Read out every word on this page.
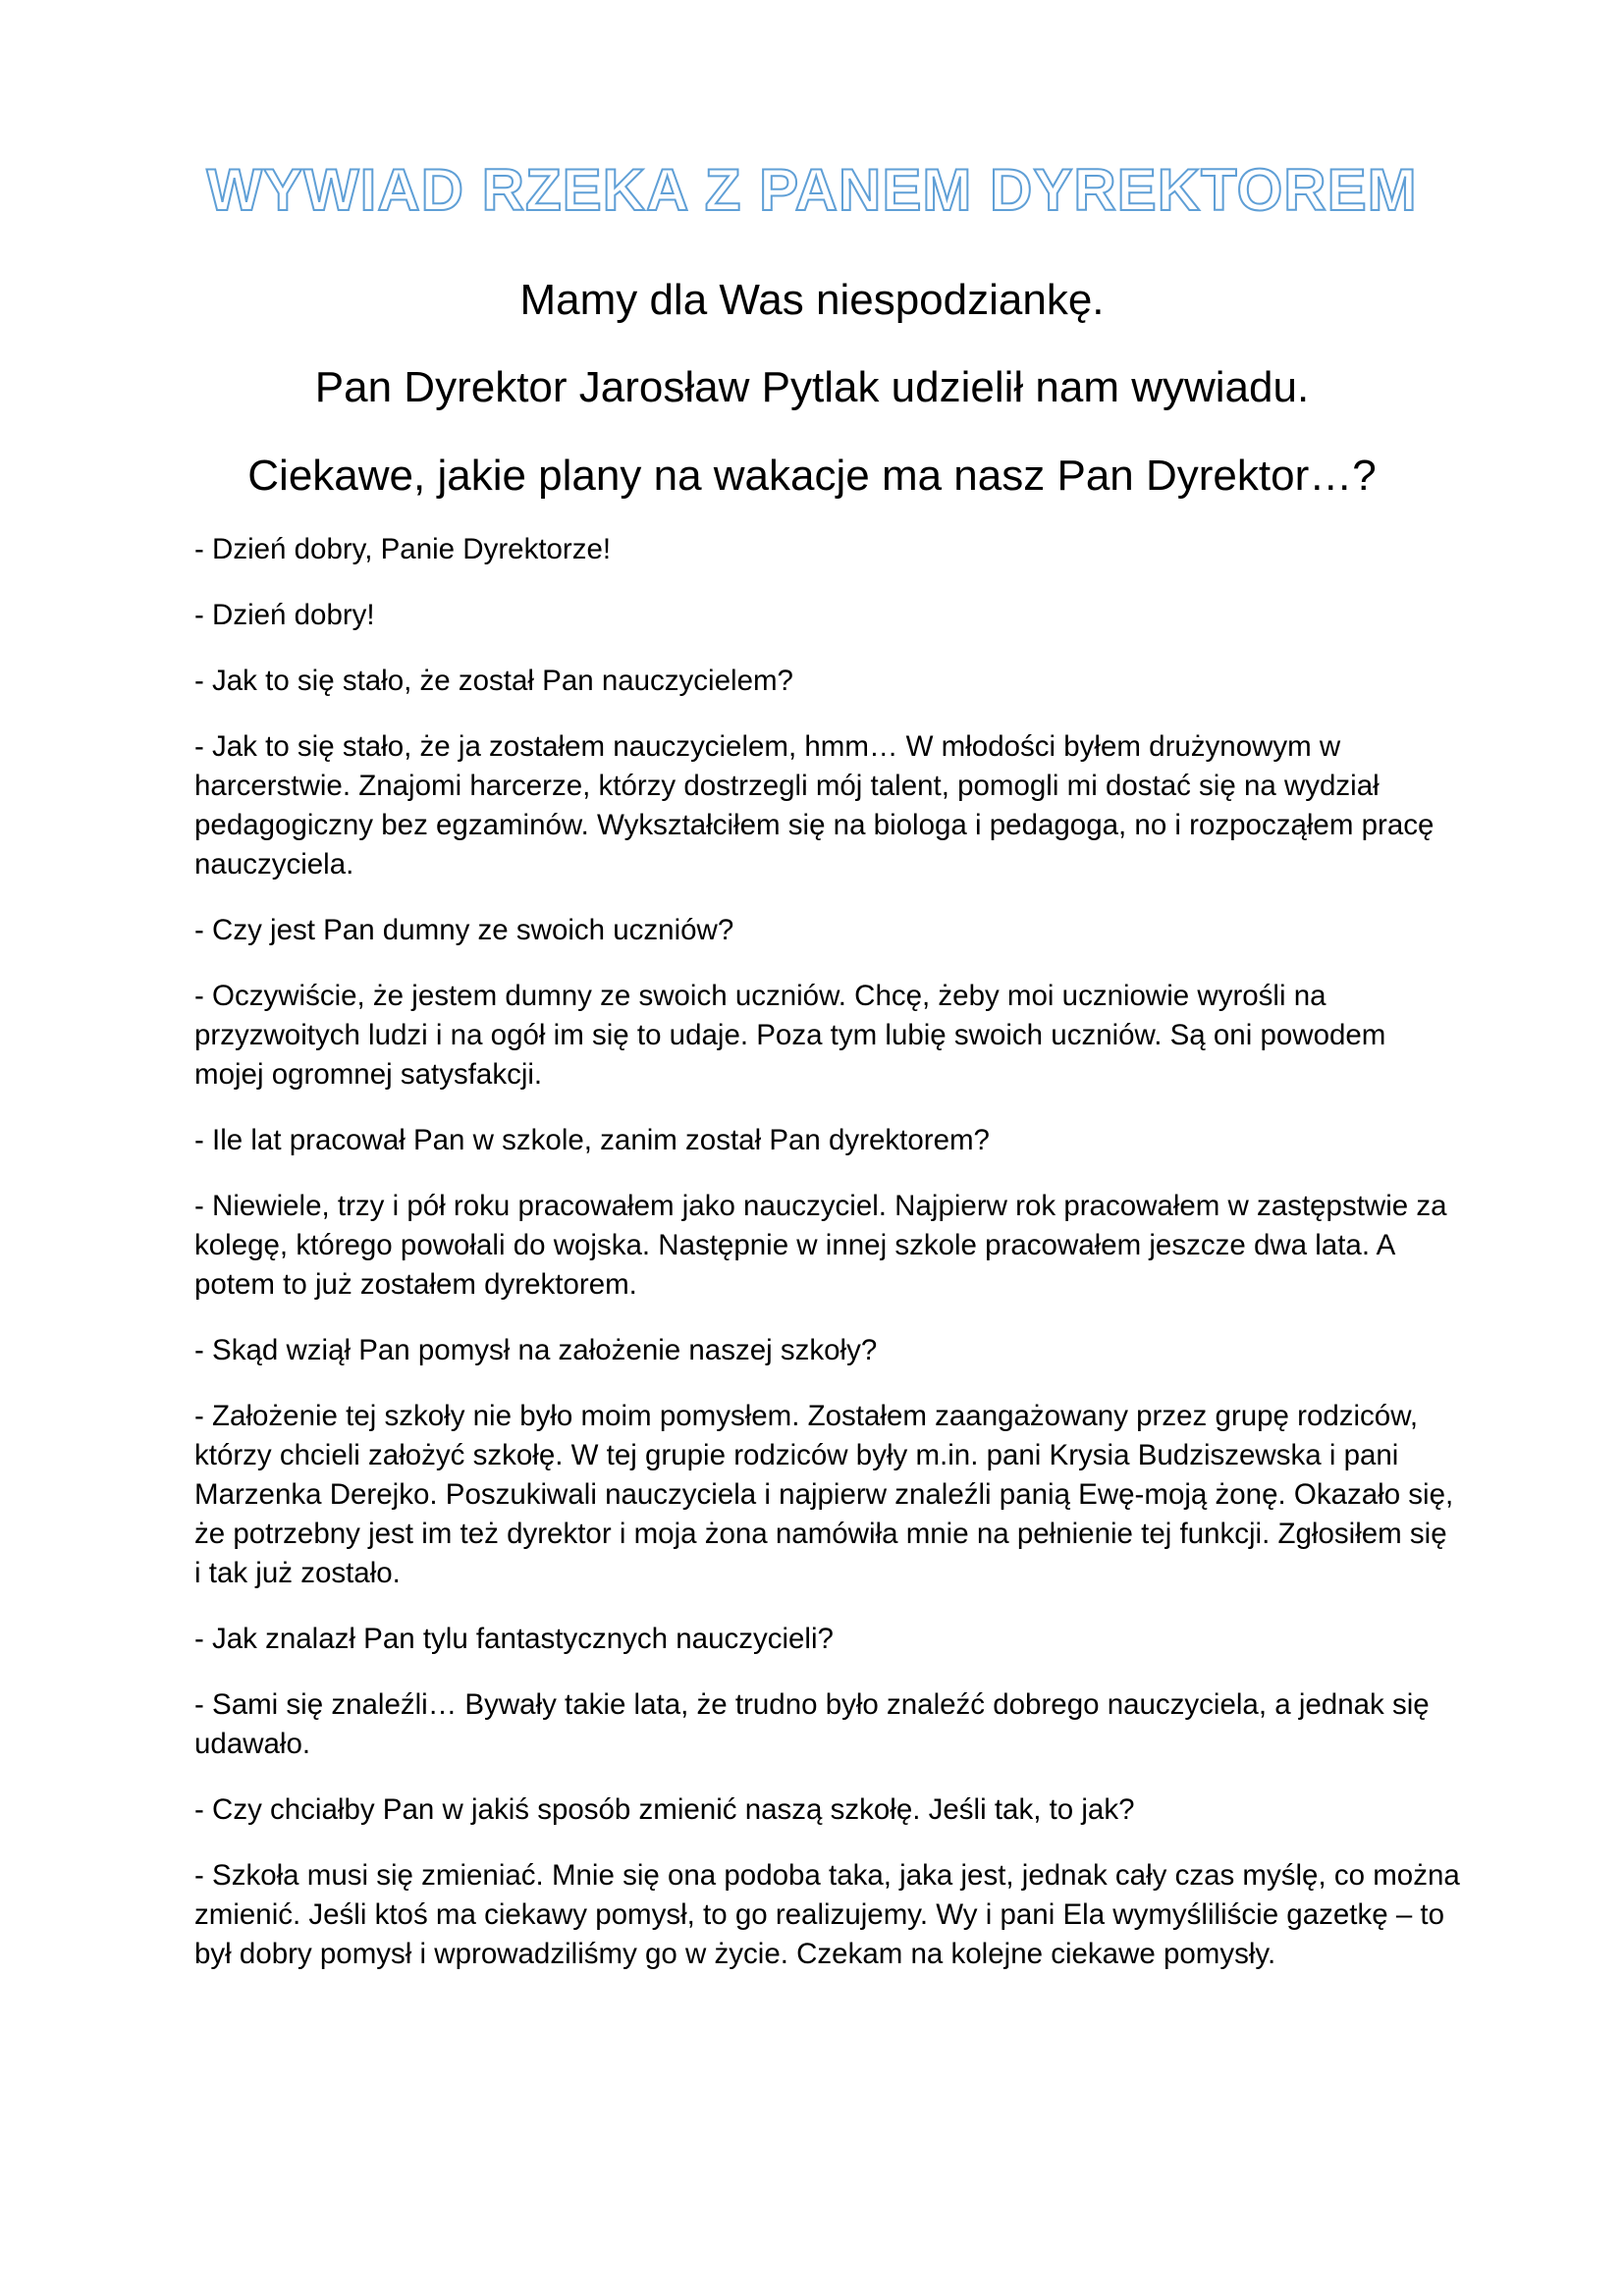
WYWIAD RZEKA Z PANEM DYREKTOREM
Mamy dla Was niespodziankę.
Pan Dyrektor Jarosław Pytlak udzielił nam wywiadu.
Ciekawe, jakie plany na wakacje ma nasz Pan Dyrektor…?

- Dzień dobry, Panie Dyrektorze!

- Dzień dobry!

- Jak to się stało, że został Pan nauczycielem?

- Jak to się stało, że ja zostałem nauczycielem, hmm… W młodości byłem drużynowym w harcerstwie. Znajomi harcerze, którzy dostrzegli mój talent, pomogli mi dostać się na wydział pedagogiczny bez egzaminów. Wykształciłem się na biologa i pedagoga, no i rozpocząłem pracę nauczyciela.

- Czy jest Pan dumny ze swoich uczniów?

- Oczywiście, że jestem dumny ze swoich uczniów. Chcę, żeby moi uczniowie wyrośli na przyzwoitych ludzi i na ogół im się to udaje. Poza tym lubię swoich uczniów. Są oni powodem mojej ogromnej satysfakcji.

- Ile lat pracował Pan w szkole, zanim został Pan dyrektorem?

- Niewiele, trzy i pół roku pracowałem jako nauczyciel. Najpierw rok pracowałem w zastępstwie za kolegę, którego powołali do wojska. Następnie w innej szkole pracowałem jeszcze dwa lata. A potem to już zostałem dyrektorem.

- Skąd wziął Pan pomysł na założenie naszej szkoły?

- Założenie tej szkoły nie było moim pomysłem. Zostałem zaangażowany przez grupę rodziców, którzy chcieli założyć szkołę. W tej grupie rodziców były m.in. pani Krysia Budziszewska i pani Marzenka Derejko. Poszukiwali nauczyciela i najpierw znaleźli panią Ewę-moją żonę. Okazało się, że potrzebny jest im też dyrektor i moja żona namówiła mnie na pełnienie tej funkcji. Zgłosiłem się i tak już zostało.

- Jak znalazł Pan tylu fantastycznych nauczycieli?

- Sami się znaleźli… Bywały takie lata, że trudno było znaleźć dobrego nauczyciela, a jednak się udawało.

- Czy chciałby Pan w jakiś sposób zmienić naszą szkołę. Jeśli tak, to jak?

- Szkoła musi się zmieniać. Mnie się ona podoba taka, jaka jest, jednak cały czas myślę, co można zmienić. Jeśli ktoś ma ciekawy pomysł, to go realizujemy. Wy i pani Ela wymyśliliście gazetkę – to był dobry pomysł i wprowadziliśmy go w życie. Czekam na kolejne ciekawe pomysły.
